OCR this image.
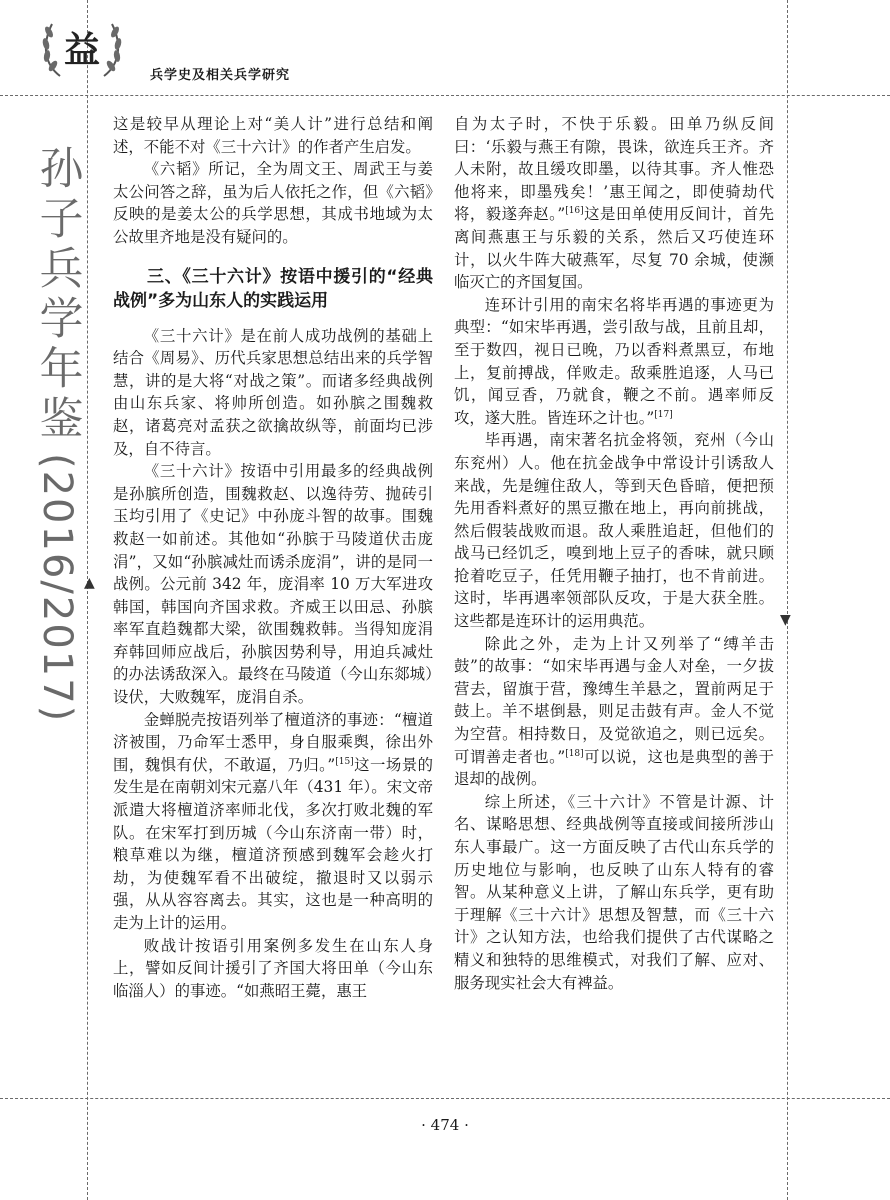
益
兵学史及相关兵学研究
孙子兵学年鉴
(2016/2017) ▲
▼

这是较早从理论上对“美人计”进行总结和阐述，不能不对《三十六计》的作者产生启发。

《六韬》所记，全为周文王、周武王与姜太公问答之辞，虽为后人依托之作，但《六韬》反映的是姜太公的兵学思想，其成书地域为太公故里齐地是没有疑问的。

三、《三十六计》按语中援引的“经典战例”多为山东人的实践运用

《三十六计》是在前人成功战例的基础上结合《周易》、历代兵家思想总结出来的兵学智慧，讲的是大将“对战之策”。而诸多经典战例由山东兵家、将帅所创造。如孙膑之围魏救赵，诸葛亮对孟获之欲擒故纵等，前面均已涉及，自不待言。

《三十六计》按语中引用最多的经典战例是孙膑所创造，围魏救赵、以逸待劳、抛砖引玉均引用了《史记》中孙庞斗智的故事。围魏救赵一如前述。其他如“孙膑于马陵道伏击庞涓”，又如“孙膑减灶而诱杀庞涓”，讲的是同一战例。公元前 342 年，庞涓率 10 万大军进攻韩国，韩国向齐国求救。齐威王以田忌、孙膑率军直趋魏都大梁，欲围魏救韩。当得知庞涓弃韩回师应战后，孙膑因势利导，用迫兵减灶的办法诱敌深入。最终在马陵道（今山东郯城）设伏，大败魏军，庞涓自杀。

金蝉脱壳按语列举了檀道济的事迹：“檀道济被围，乃命军士悉甲，身自服乘舆，徐出外围，魏惧有伏，不敢逼，乃归。”[15]这一场景的发生是在南朝刘宋元嘉八年（431 年）。宋文帝派遣大将檀道济率师北伐，多次打败北魏的军队。在宋军打到历城（今山东济南一带）时，粮草难以为继，檀道济预感到魏军会趁火打劫，为使魏军看不出破绽，撤退时又以弱示强，从从容容离去。其实，这也是一种高明的走为上计的运用。

败战计按语引用案例多发生在山东人身上，譬如反间计援引了齐国大将田单（今山东临淄人）的事迹。“如燕昭王薨，惠王

自为太子时，不快于乐毅。田单乃纵反间曰：‘乐毅与燕王有隙，畏诛，欲连兵王齐。齐人未附，故且缓攻即墨，以待其事。齐人惟恐他将来，即墨残矣！’惠王闻之，即使骑劫代将，毅遂奔赵。”[16]这是田单使用反间计，首先离间燕惠王与乐毅的关系，然后又巧使连环计，以火牛阵大破燕军，尽复 70 余城，使濒临灭亡的齐国复国。

连环计引用的南宋名将毕再遇的事迹更为典型：“如宋毕再遇，尝引敌与战，且前且却，至于数四，视日已晚，乃以香料煮黑豆，布地上，复前搏战，佯败走。敌乘胜追逐，人马已饥，闻豆香，乃就食，鞭之不前。遇率师反攻，遂大胜。皆连环之计也。”[17]

毕再遇，南宋著名抗金将领，兖州（今山东兖州）人。他在抗金战争中常设计引诱敌人来战，先是缠住敌人，等到天色昏暗，便把预先用香料煮好的黑豆撒在地上，再向前挑战，然后假装战败而退。敌人乘胜追赶，但他们的战马已经饥乏，嗅到地上豆子的香味，就只顾抢着吃豆子，任凭用鞭子抽打，也不肯前进。这时，毕再遇率领部队反攻，于是大获全胜。这些都是连环计的运用典范。

除此之外，走为上计又列举了“缚羊击鼓”的故事：“如宋毕再遇与金人对垒，一夕拔营去，留旗于营，豫缚生羊悬之，置前两足于鼓上。羊不堪倒悬，则足击鼓有声。金人不觉为空营。相持数日，及觉欲追之，则已远矣。可谓善走者也。”[18]可以说，这也是典型的善于退却的战例。

综上所述，《三十六计》不管是计源、计名、谋略思想、经典战例等直接或间接所涉山东人事最广。这一方面反映了古代山东兵学的历史地位与影响，也反映了山东人特有的睿智。从某种意义上讲，了解山东兵学，更有助于理解《三十六计》思想及智慧，而《三十六计》之认知方法，也给我们提供了古代谋略之精义和独特的思维模式，对我们了解、应对、服务现实社会大有裨益。

· 474 ·
